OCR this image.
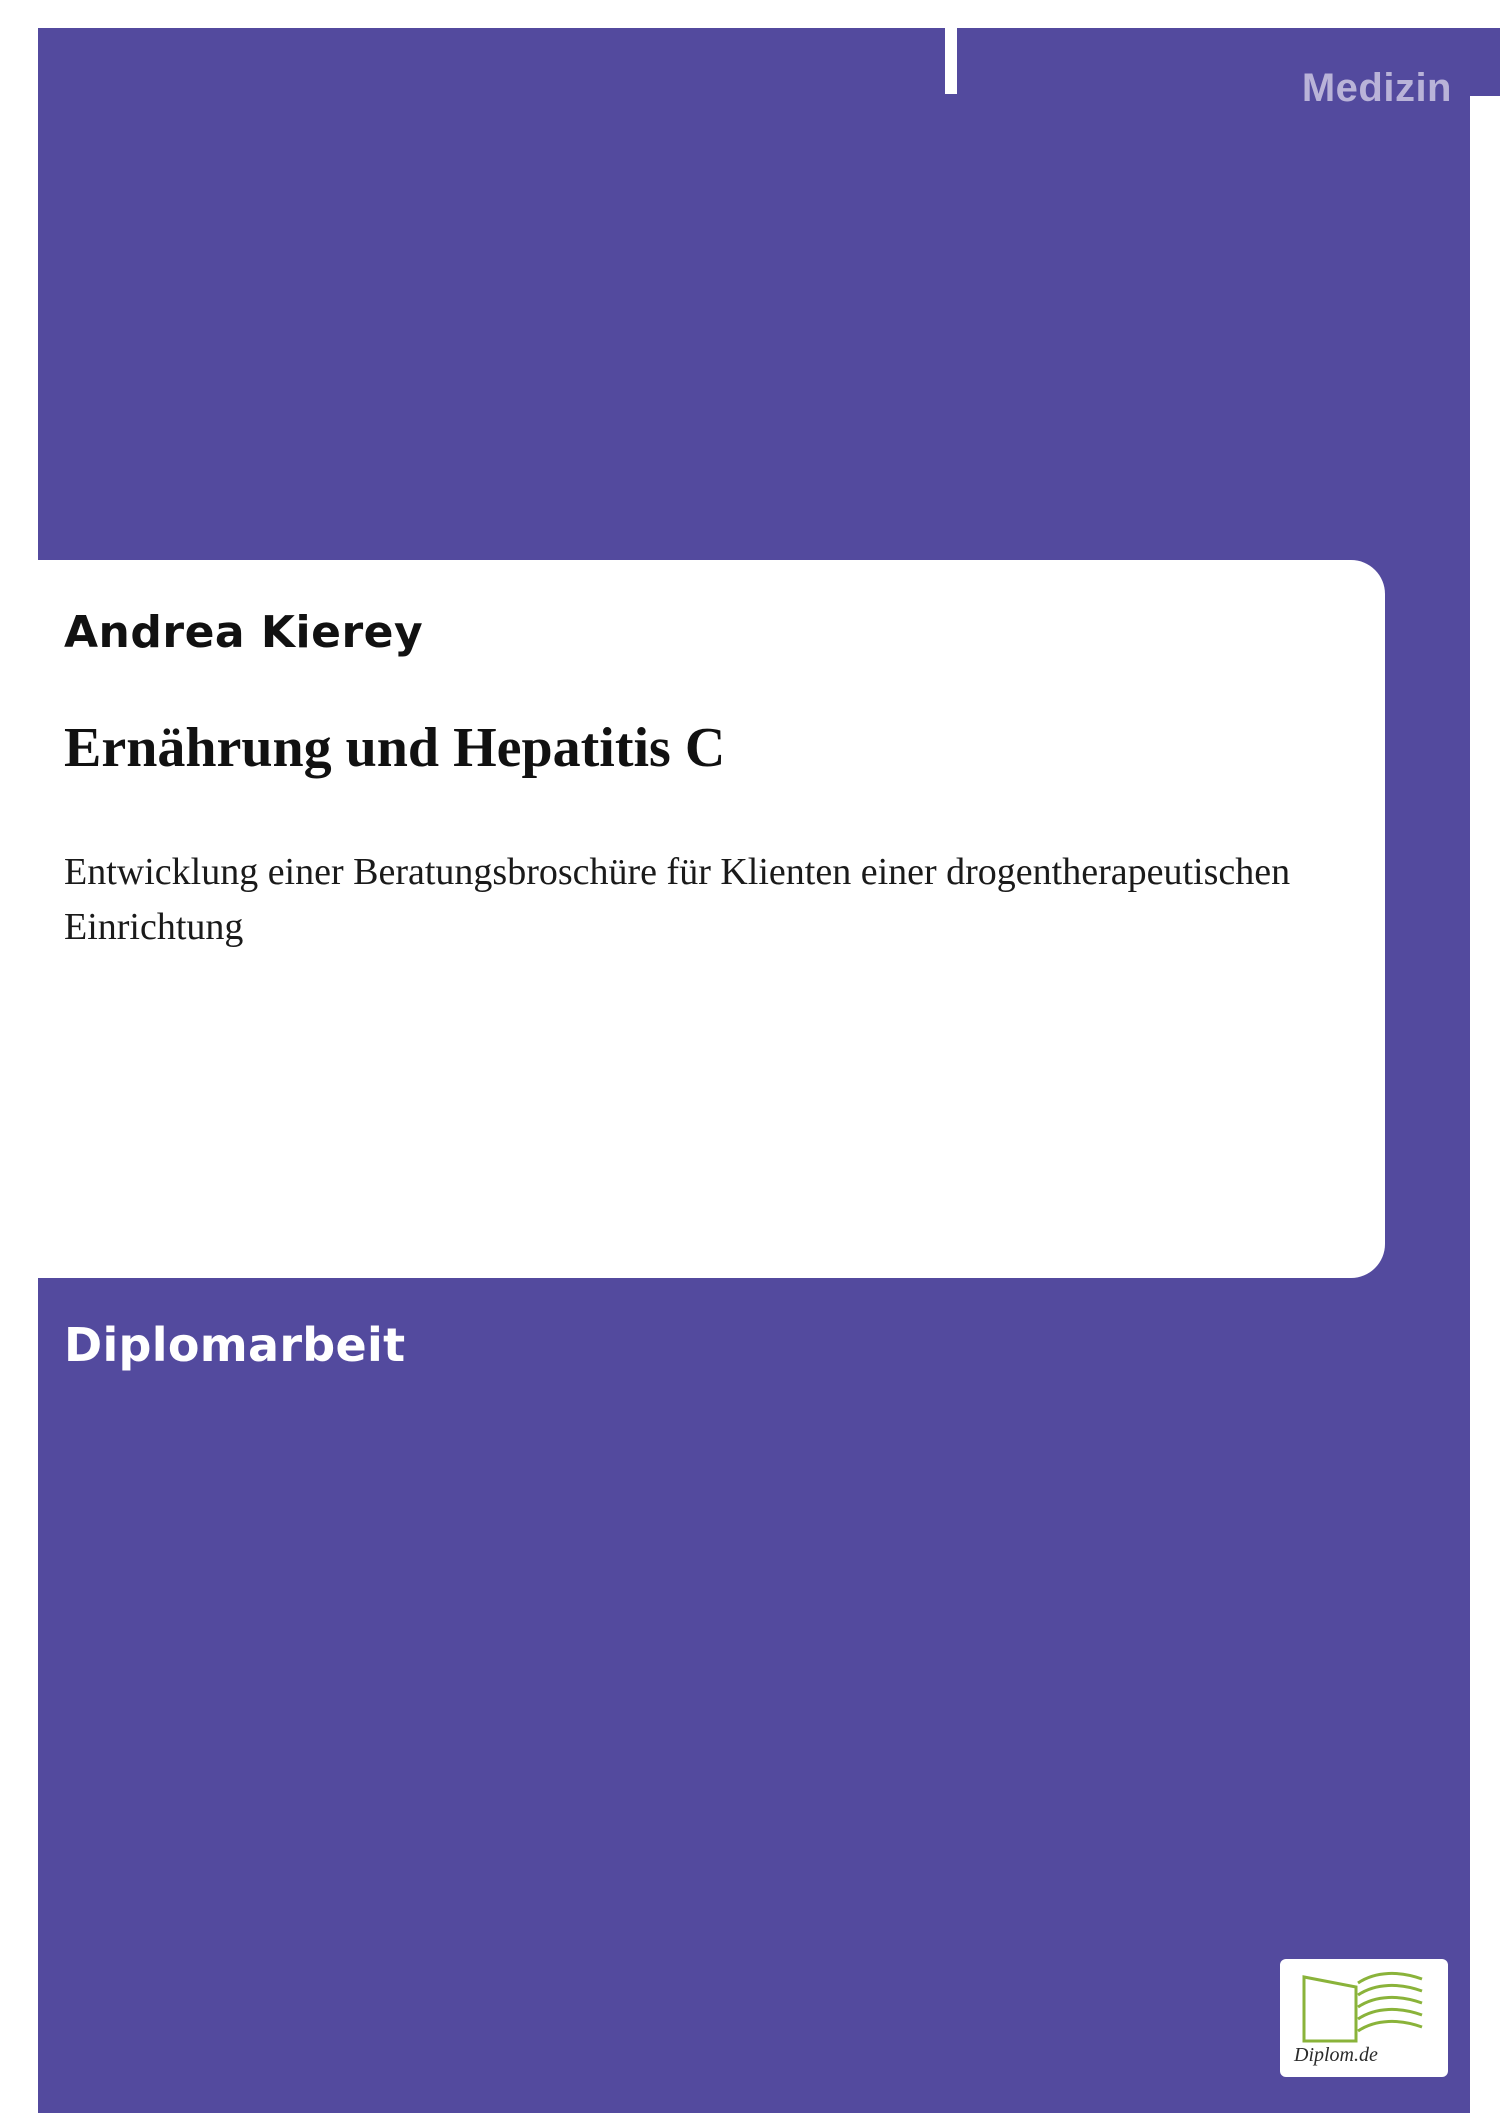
Medizin
Andrea Kierey
Ernährung und Hepatitis C
Entwicklung einer Beratungsbroschüre für Klienten einer drogentherapeutischen Einrichtung
Diplomarbeit
Diplom.de
